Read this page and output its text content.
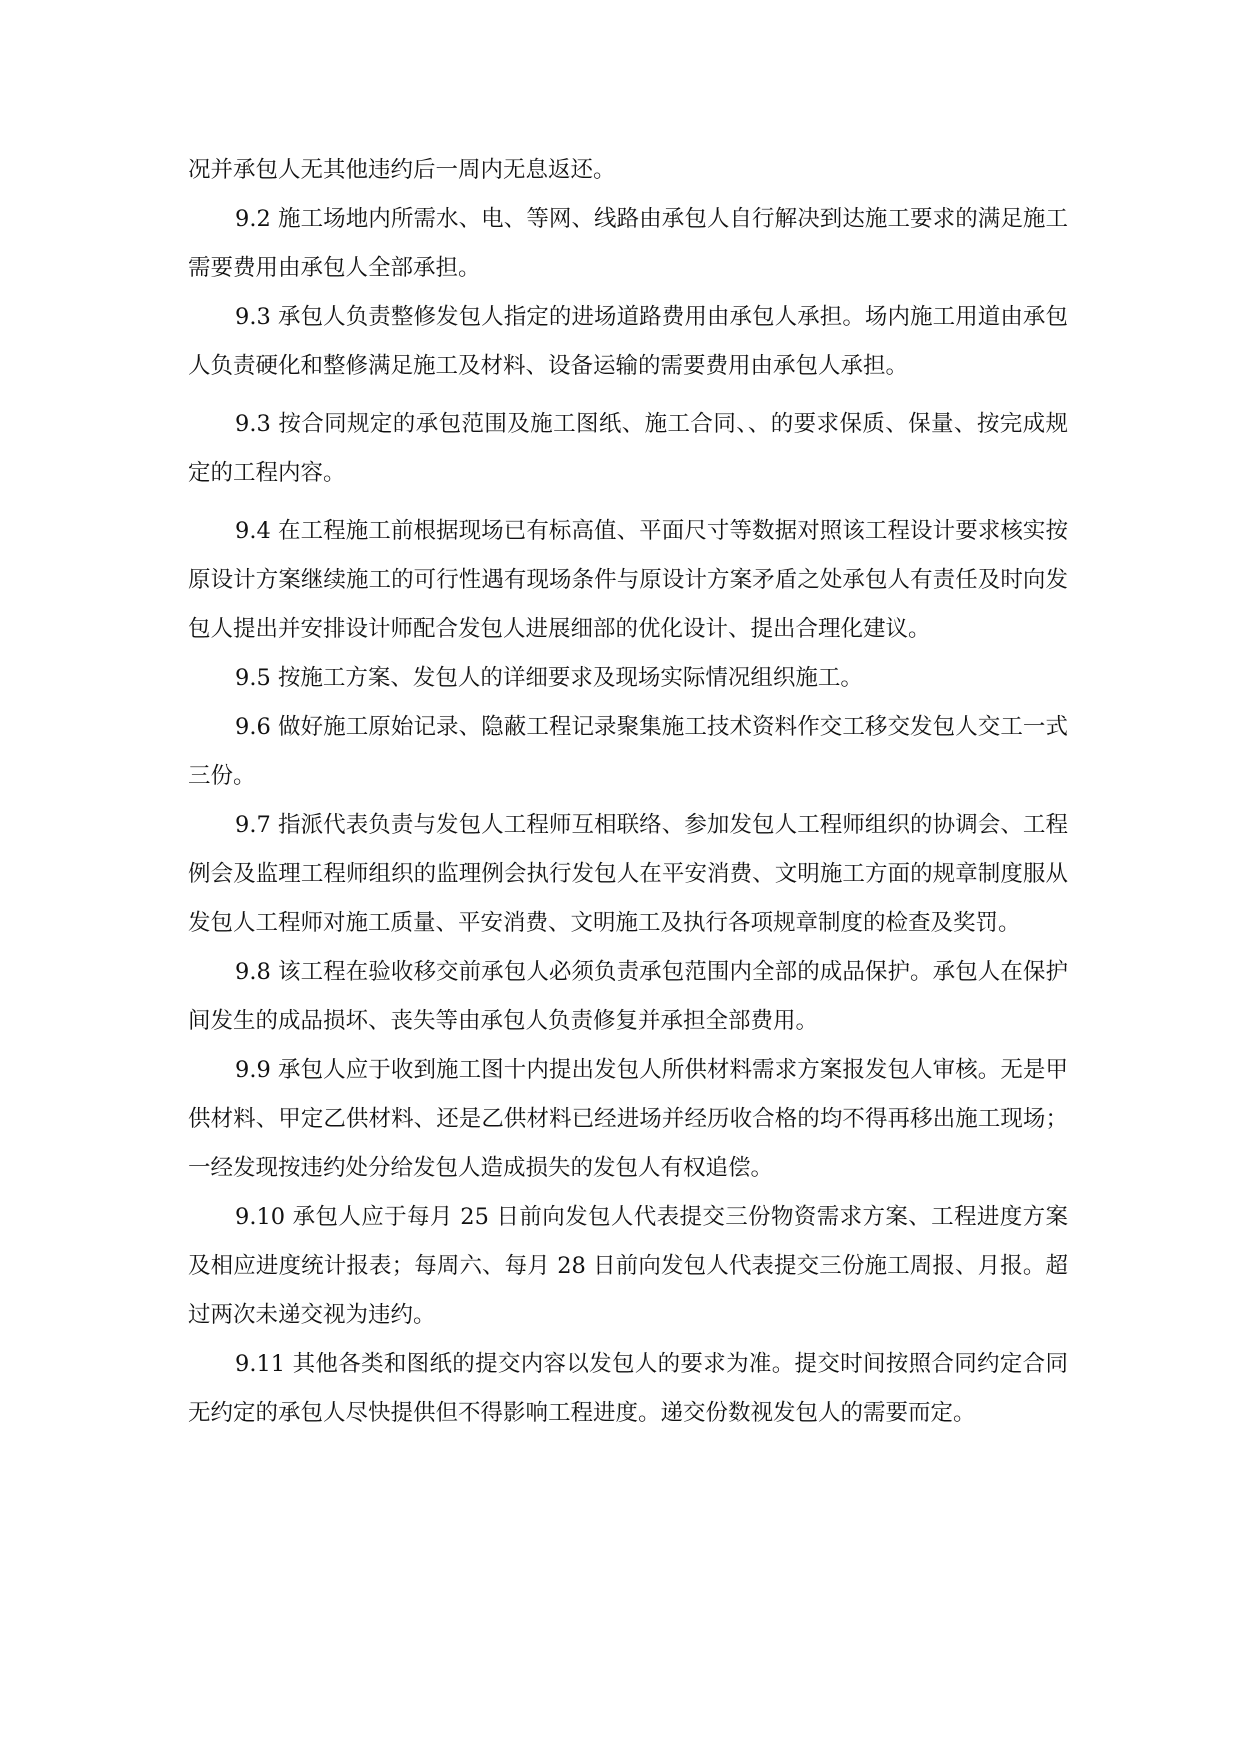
况并承包人无其他违约后一周内无息返还。

9.2 施工场地内所需水、电、等网、线路由承包人自行解决到达施工要求的满足施工需要费用由承包人全部承担。

9.3 承包人负责整修发包人指定的进场道路费用由承包人承担。场内施工用道由承包人负责硬化和整修满足施工及材料、设备运输的需要费用由承包人承担。

9.3 按合同规定的承包范围及施工图纸、施工合同、、的要求保质、保量、按完成规定的工程内容。

9.4 在工程施工前根据现场已有标高值、平面尺寸等数据对照该工程设计要求核实按原设计方案继续施工的可行性遇有现场条件与原设计方案矛盾之处承包人有责任及时向发包人提出并安排设计师配合发包人进展细部的优化设计、提出合理化建议。

9.5 按施工方案、发包人的详细要求及现场实际情况组织施工。

9.6 做好施工原始记录、隐蔽工程记录聚集施工技术资料作交工移交发包人交工一式三份。

9.7 指派代表负责与发包人工程师互相联络、参加发包人工程师组织的协调会、工程例会及监理工程师组织的监理例会执行发包人在平安消费、文明施工方面的规章制度服从发包人工程师对施工质量、平安消费、文明施工及执行各项规章制度的检查及奖罚。

9.8 该工程在验收移交前承包人必须负责承包范围内全部的成品保护。承包人在保护间发生的成品损坏、丧失等由承包人负责修复并承担全部费用。

9.9 承包人应于收到施工图十内提出发包人所供材料需求方案报发包人审核。无是甲供材料、甲定乙供材料、还是乙供材料已经进场并经历收合格的均不得再移出施工现场；一经发现按违约处分给发包人造成损失的发包人有权追偿。

9.10 承包人应于每月 25 日前向发包人代表提交三份物资需求方案、工程进度方案及相应进度统计报表；每周六、每月 28 日前向发包人代表提交三份施工周报、月报。超过两次未递交视为违约。

9.11 其他各类和图纸的提交内容以发包人的要求为准。提交时间按照合同约定合同无约定的承包人尽快提供但不得影响工程进度。递交份数视发包人的需要而定。
